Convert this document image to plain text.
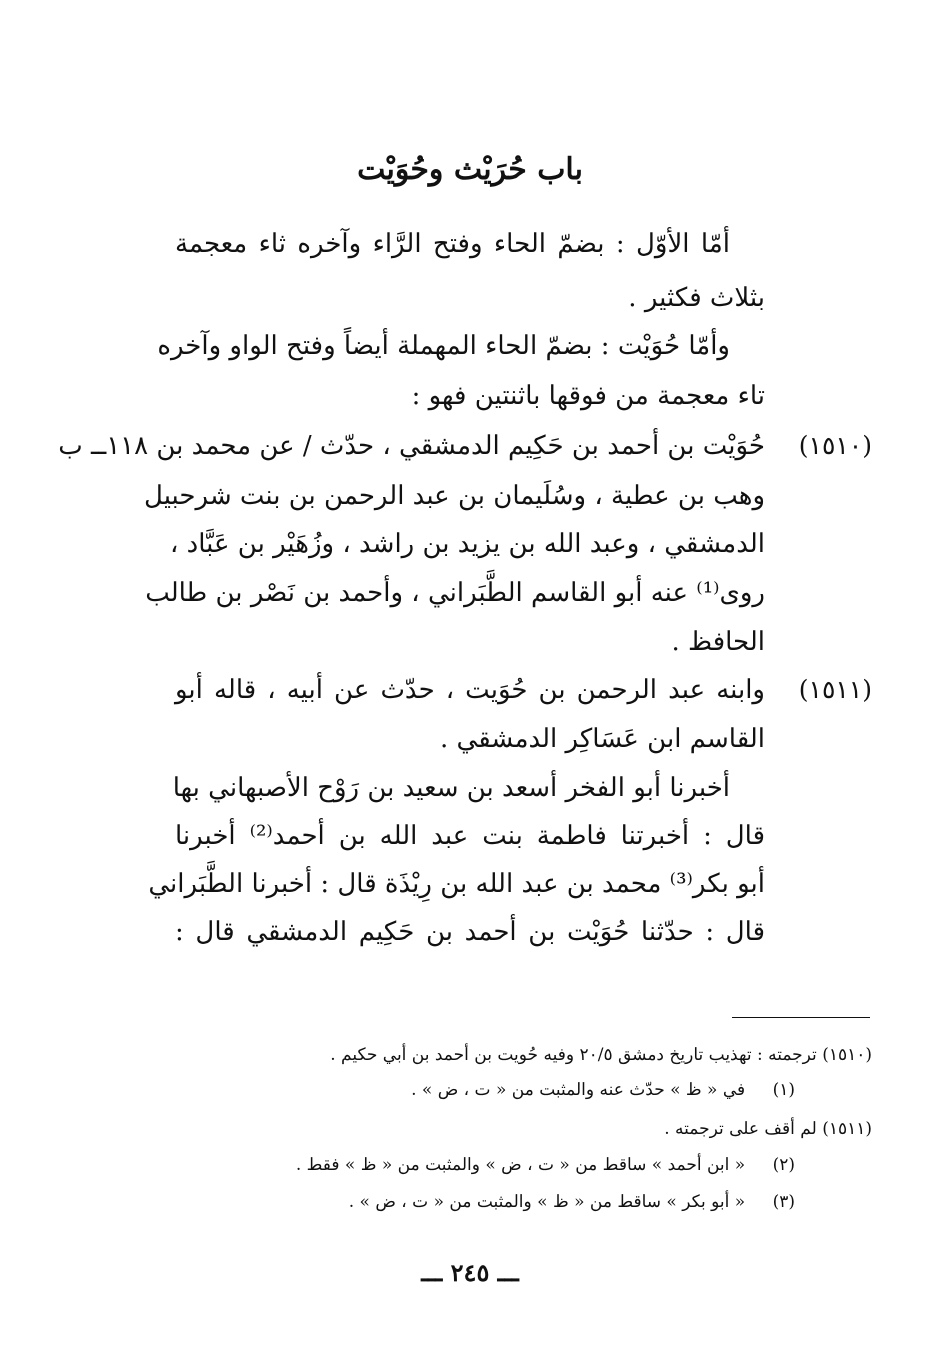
باب حُرَيْث وحُوَيْت
أمّا الأوّل : بضمّ الحاء وفتح الرَّاء وآخره ثاء معجمة
بثلاث فكثير .
وأمّا حُوَيْت : بضمّ الحاء المهملة أيضاً وفتح الواو وآخره
تاء معجمة من فوقها باثنتين فهو :
(١٥١٠)
حُوَيْت بن أحمد بن حَكِيم الدمشقي ، حدّث / عن محمد بن ١١٨ــ ب
وهب بن عطية ، وسُلَيمان بن عبد الرحمن بن بنت شرحبيل
الدمشقي ، وعبد الله بن يزيد بن راشد ، وزُهَيْر بن عَبَّاد ،
روى⁽¹⁾ عنه أبو القاسم الطَّبَراني ، وأحمد بن نَصْر بن طالب
الحافظ .
(١٥١١)
وابنه عبد الرحمن بن حُوَيت ، حدّث عن أبيه ، قاله أبو
القاسم ابن عَسَاكِر الدمشقي .
أخبرنا أبو الفخر أسعد بن سعيد بن رَوْح الأصبهاني بها
قال : أخبرتنا فاطمة بنت عبد الله بن أحمد⁽²⁾ أخبرنا
أبو بكر⁽³⁾ محمد بن عبد الله بن رِيْذَة قال : أخبرنا الطَّبَراني
قال : حدّثنا حُوَيْت بن أحمد بن حَكِيم الدمشقي قال :
(١٥١٠) ترجمته : تهذيب تاريخ دمشق ٢٠/٥ وفيه حُويت بن أحمد بن أبي حكيم .
(١) في « ظ » حدّث عنه والمثبت من « ت ، ض » .
(١٥١١) لم أقف على ترجمته .
(٢) « ابن أحمد » ساقط من « ت ، ض » والمثبت من « ظ » فقط .
(٣) « أبو بكر » ساقط من « ظ » والمثبت من « ت ، ض » .
ـــ ٢٤٥ ـــ
